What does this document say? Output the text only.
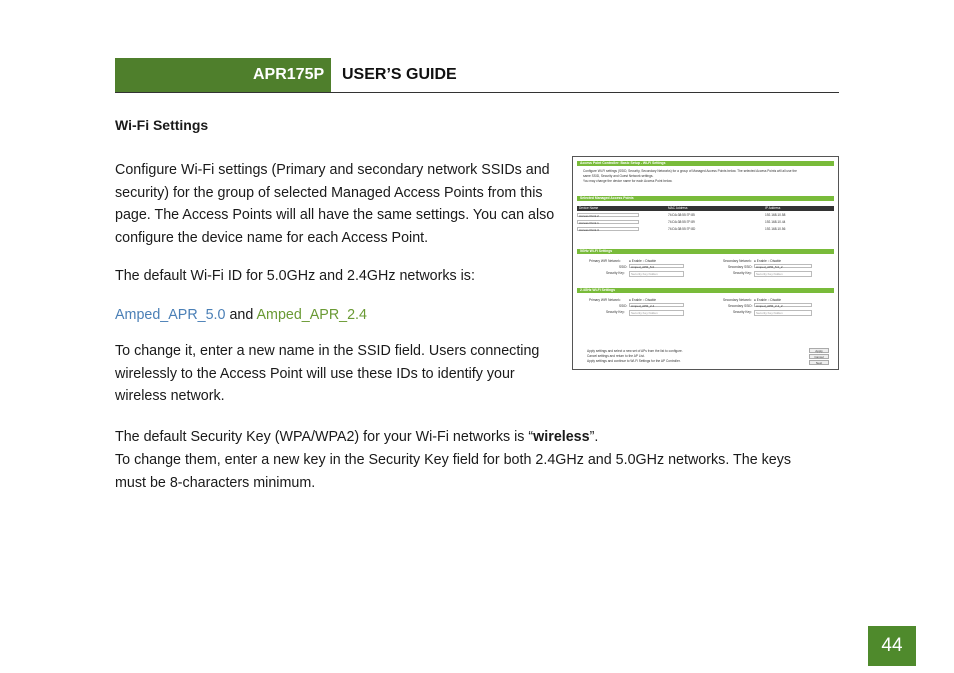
APR175P USER’S GUIDE
Wi-Fi Settings

Configure Wi-Fi settings (Primary and secondary network SSIDs and
security) for the group of selected Managed Access Points from this
page. The Access Points will all have the same settings. You can also
configure the device name for each Access Point.

The default Wi-Fi ID for 5.0GHz and 2.4GHz networks is:

Amped_APR_5.0 and Amped_APR_2.4

To change it, enter a new name in the SSID field. Users connecting
wirelessly to the Access Point will use these IDs to identify your
wireless network.

The default Security Key (WPA/WPA2) for your Wi-Fi networks is “wireless”.

To change them, enter a new key in the Security Key field for both 2.4GHz and 5.0GHz networks. The keys
must be 8-characters minimum.

44
Access Point Controller: Basic Setup - Wi-Fi Settings
Configure Wi-Fi settings (SSID, Security, Secondary Networks) for a group of Managed Access Points below. The selected Access Points will all use the
same SSID, Security and Guest Network settings.
You may change the device name for each Access Point below.
Selected Managed Access Points
Device Name	MAC Address	IP Address
Access Point 2	74:DA:38:55:7F:85	192.168.10.58
Access Point 1	74:DA:38:55:7F:89	192.168.10.44
Access Point 3	74:DA:38:55:7F:8D	192.168.10.56
5GHz Wi-Fi Settings
Primary WiFi Network:	● Enable ○ Disable
SSID:	Amped_APR_5.0
Security Key:	Security Key hidden
Secondary Network: ● Enable ○ Disable
Secondary SSID:	Amped_APR_5.0_2
Security Key:	Security Key hidden
2.4GHz Wi-Fi Settings
Primary WiFi Network:	● Enable ○ Disable
SSID:	Amped_APR_2.4
Security Key:	Security Key hidden
Secondary Network: ● Enable ○ Disable
Secondary SSID:	Amped_APR_2.4_2
Security Key:	Security Key hidden
Apply settings and select a new set of APs from the list to configure.
Cancel settings and return to the AP List.
Apply settings and continue to Wi-Fi Settings for the AP Controller.
Apply
Cancel
Next
